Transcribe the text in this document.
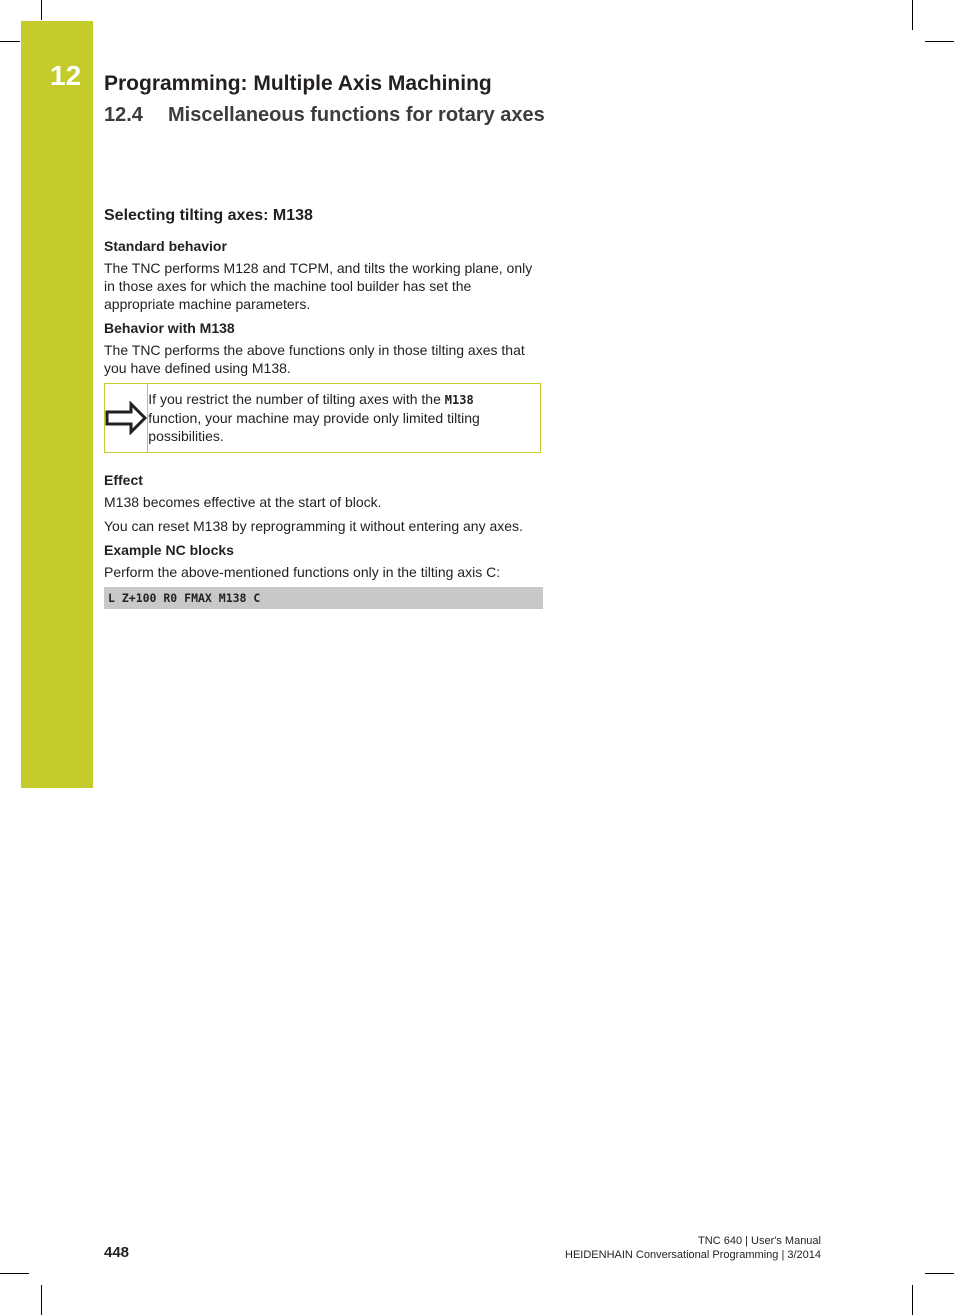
12 Programming: Multiple Axis Machining
12.4 Miscellaneous functions for rotary axes
Selecting tilting axes: M138
Standard behavior

The TNC performs M128 and TCPM, and tilts the working plane, only in those axes for which the machine tool builder has set the appropriate machine parameters.

Behavior with M138

The TNC performs the above functions only in those tilting axes that you have defined using M138.

If you restrict the number of tilting axes with the M138 function, your machine may provide only limited tilting possibilities.

Effect

M138 becomes effective at the start of block.

You can reset M138 by reprogramming it without entering any axes.

Example NC blocks

Perform the above-mentioned functions only in the tilting axis C:

L Z+100 R0 FMAX M138 C
448
TNC 640 | User's Manual
HEIDENHAIN Conversational Programming | 3/2014
